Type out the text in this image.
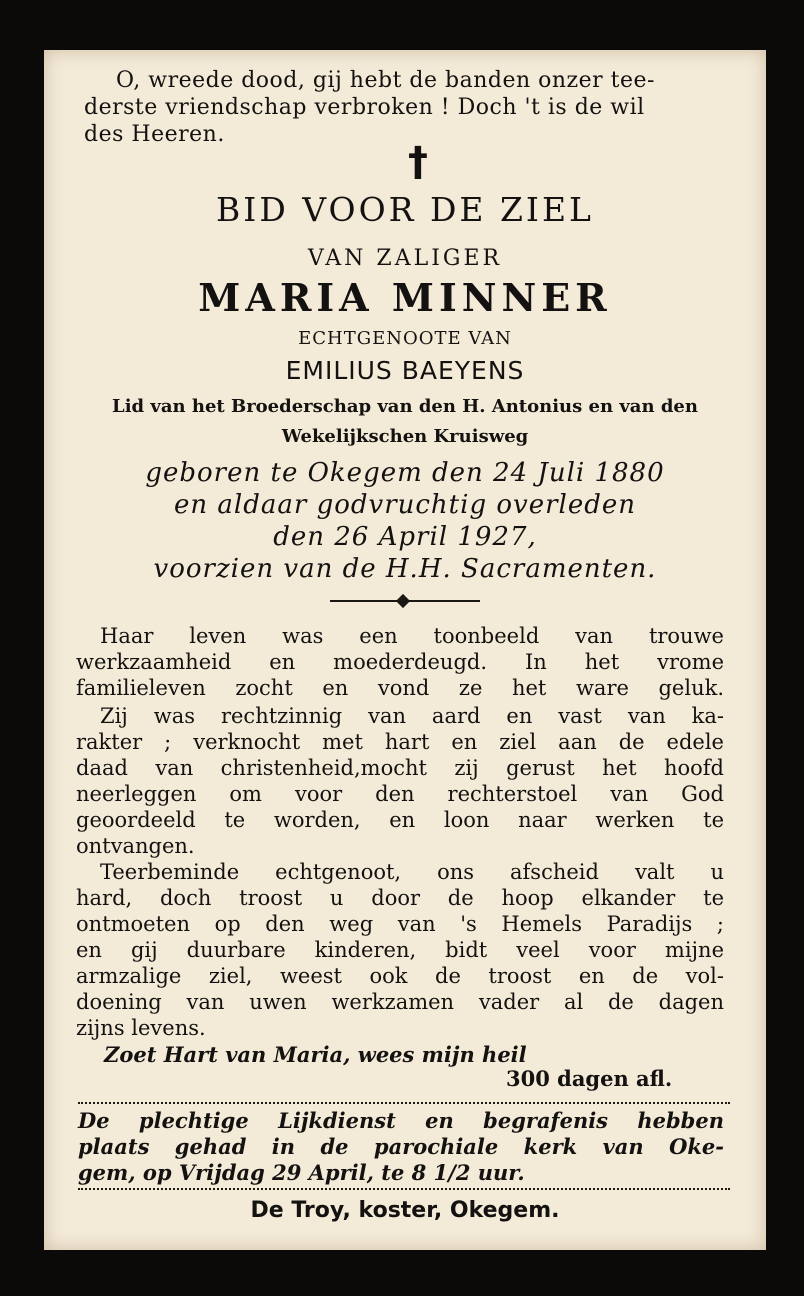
O, wreede dood, gij hebt de banden onzer tee-
derste vriendschap verbroken ! Doch 't is de wil
des Heeren.
†
BID VOOR DE ZIEL
VAN ZALIGER
MARIA MINNER
ECHTGENOOTE VAN
EMILIUS BAEYENS
Lid van het Broederschap van den H. Antonius en van den
Wekelijkschen Kruisweg
geboren te Okegem den 24 Juli 1880
en aldaar godvruchtig overleden
den 26 April 1927,
voorzien van de H.H. Sacramenten.
Haar leven was een toonbeeld van trouwe
werkzaamheid en moederdeugd. In het vrome
familieleven zocht en vond ze het ware geluk.
Zij was rechtzinnig van aard en vast van ka-
rakter ; verknocht met hart en ziel aan de edele
daad van christenheid,mocht zij gerust het hoofd
neerleggen om voor den rechterstoel van God
geoordeeld te worden, en loon naar werken te
ontvangen.
Teerbeminde echtgenoot, ons afscheid valt u
hard, doch troost u door de hoop elkander te
ontmoeten op den weg van 's Hemels Paradijs ;
en gij duurbare kinderen, bidt veel voor mijne
armzalige ziel, weest ook de troost en de vol-
doening van uwen werkzamen vader al de dagen
zijns levens.
Zoet Hart van Maria, wees mijn heil
300 dagen afl.
De plechtige Lijkdienst en begrafenis hebben
plaats gehad in de parochiale kerk van Oke-
gem, op Vrijdag 29 April, te 8 1/2 uur.
De Troy, koster, Okegem.
